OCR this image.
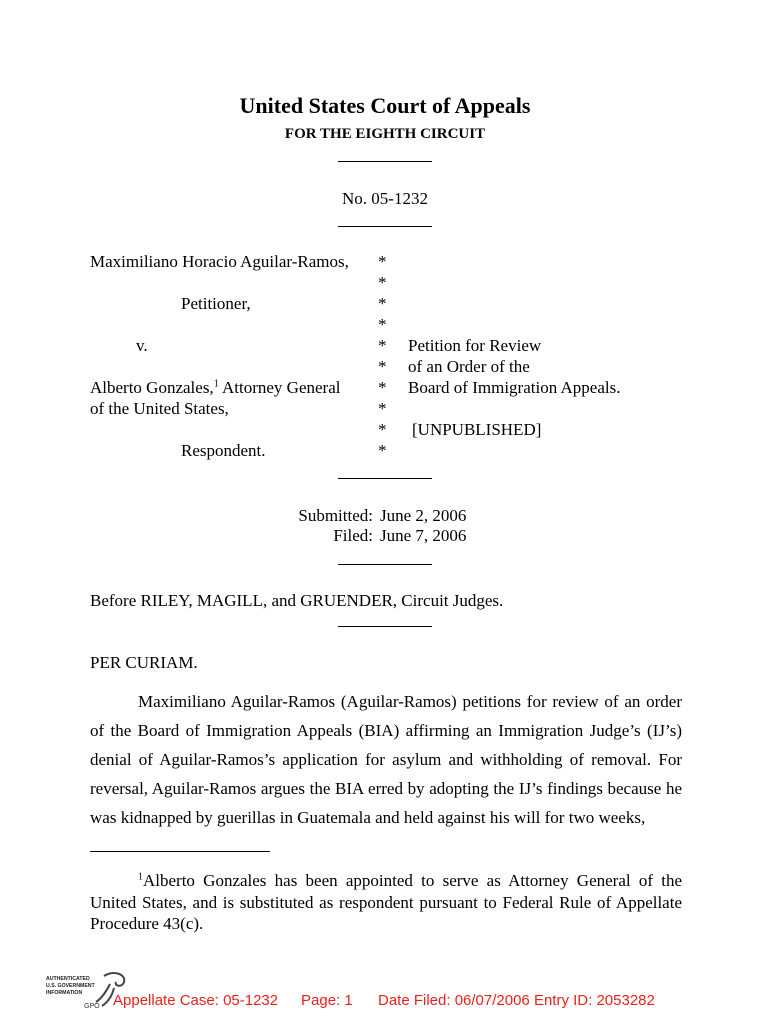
United States Court of Appeals
FOR THE EIGHTH CIRCUIT
No. 05-1232
Maximiliano Horacio Aguilar-Ramos,
Petitioner,
v.
Alberto Gonzales,$^1$ Attorney General
of the United States,
Respondent.
*
*
*
*
*
*
*
*
*
*
Petition for Review
of an Order of the
Board of Immigration Appeals.
[UNPUBLISHED]
Submitted: June 2, 2006
Filed: June 7, 2006
Before RILEY, MAGILL, and GRUENDER, Circuit Judges.
PER CURIAM.

Maximiliano Aguilar-Ramos (Aguilar-Ramos) petitions for review of an order of the Board of Immigration Appeals (BIA) affirming an Immigration Judge’s (IJ’s) denial of Aguilar-Ramos’s application for asylum and withholding of removal. For reversal, Aguilar-Ramos argues the BIA erred by adopting the IJ’s findings because he was kidnapped by guerillas in Guatemala and held against his will for two weeks,

$^1$Alberto Gonzales has been appointed to serve as Attorney General of the United States, and is substituted as respondent pursuant to Federal Rule of Appellate Procedure 43(c).

AUTHENTICATED
U.S. GOVERNMENT
INFORMATION
GPO Appellate Case: 05-1232 Page: 1 Date Filed: 06/07/2006 Entry ID: 2053282
